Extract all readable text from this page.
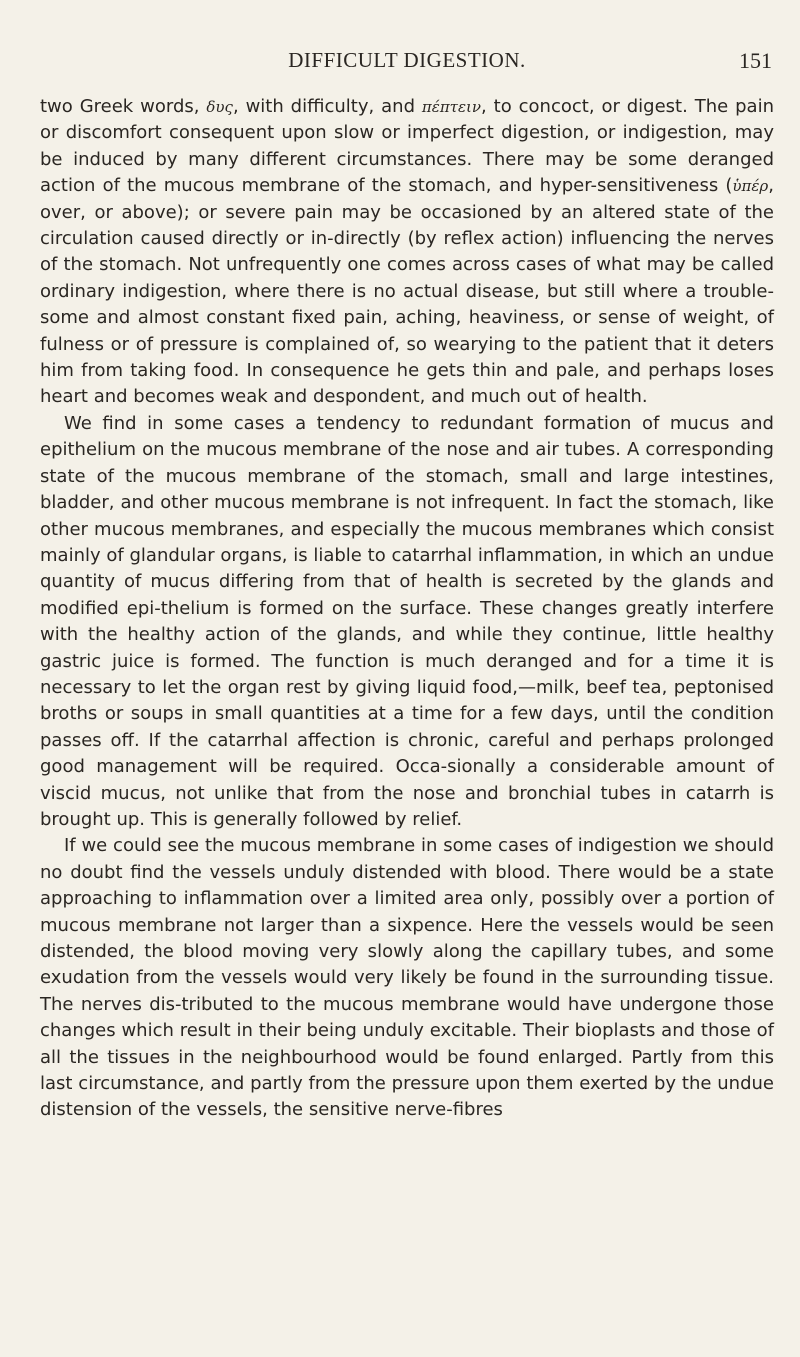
DIFFICULT DIGESTION.	151

two Greek words, δυς, with difficulty, and πέπτειν, to concoct, or digest. The pain or discomfort consequent upon slow or imperfect digestion, or indigestion, may be induced by many different circumstances. There may be some deranged action of the mucous membrane of the stomach, and hyper-sensitiveness (ὑπέρ, over, or above); or severe pain may be occasioned by an altered state of the circulation caused directly or in-directly (by reflex action) influencing the nerves of the stomach. Not unfrequently one comes across cases of what may be called ordinary indigestion, where there is no actual disease, but still where a trouble-some and almost constant fixed pain, aching, heaviness, or sense of weight, of fulness or of pressure is complained of, so wearying to the patient that it deters him from taking food. In consequence he gets thin and pale, and perhaps loses heart and becomes weak and despondent, and much out of health.

We find in some cases a tendency to redundant formation of mucus and epithelium on the mucous membrane of the nose and air tubes. A corresponding state of the mucous membrane of the stomach, small and large intestines, bladder, and other mucous membrane is not infrequent. In fact the stomach, like other mucous membranes, and especially the mucous membranes which consist mainly of glandular organs, is liable to catarrhal inflammation, in which an undue quantity of mucus differing from that of health is secreted by the glands and modified epi-thelium is formed on the surface. These changes greatly interfere with the healthy action of the glands, and while they continue, little healthy gastric juice is formed. The function is much deranged and for a time it is necessary to let the organ rest by giving liquid food,—milk, beef tea, peptonised broths or soups in small quantities at a time for a few days, until the condition passes off. If the catarrhal affection is chronic, careful and perhaps prolonged good management will be required. Occa-sionally a considerable amount of viscid mucus, not unlike that from the nose and bronchial tubes in catarrh is brought up. This is generally followed by relief.

If we could see the mucous membrane in some cases of indigestion we should no doubt find the vessels unduly distended with blood. There would be a state approaching to inflammation over a limited area only, possibly over a portion of mucous membrane not larger than a sixpence. Here the vessels would be seen distended, the blood moving very slowly along the capillary tubes, and some exudation from the vessels would very likely be found in the surrounding tissue. The nerves dis-tributed to the mucous membrane would have undergone those changes which result in their being unduly excitable. Their bioplasts and those of all the tissues in the neighbourhood would be found enlarged. Partly from this last circumstance, and partly from the pressure upon them exerted by the undue distension of the vessels, the sensitive nerve-fibres
